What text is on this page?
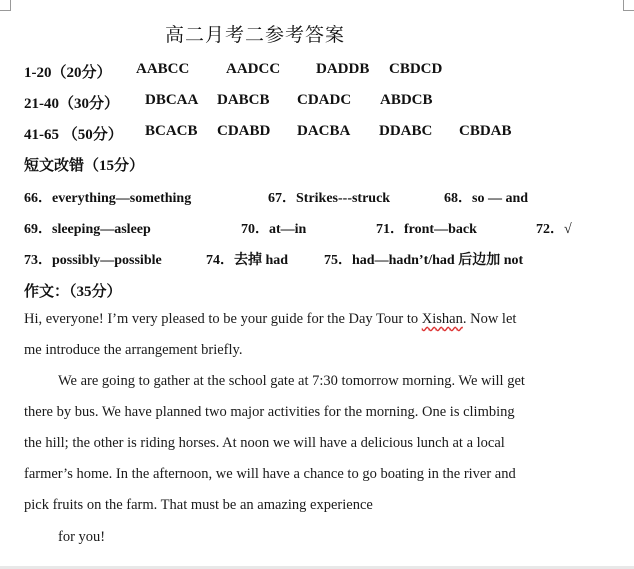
高二月考二参考答案
1-20（20分） AABCC AADCC DADDB CBDCD
21-40（30分） DBCAA DABCB CDADC ABDCB
41-65 （50分） BCACB CDABD DACBA DDABC CBDAB
短文改错（15分）
66．everything—something	67．Strikes---struck	68．so — and
69．sleeping—asleep	70．at—in	71．front—back	72．√
73．possibly—possible	74．去掉 had	75．had—hadn’t/had 后边加 not
作文：（35分）
Hi, everyone! I’m very pleased to be your guide for the Day Tour to Xishan. Now let
me introduce the arrangement briefly.
We are going to gather at the school gate at 7:30 tomorrow morning. We will get
there by bus. We have planned two major activities for the morning. One is climbing
the hill; the other is riding horses. At noon we will have a delicious lunch at a local
farmer’s home. In the afternoon, we will have a chance to go boating in the river and
pick fruits on the farm. That must be an amazing experience
for you!
